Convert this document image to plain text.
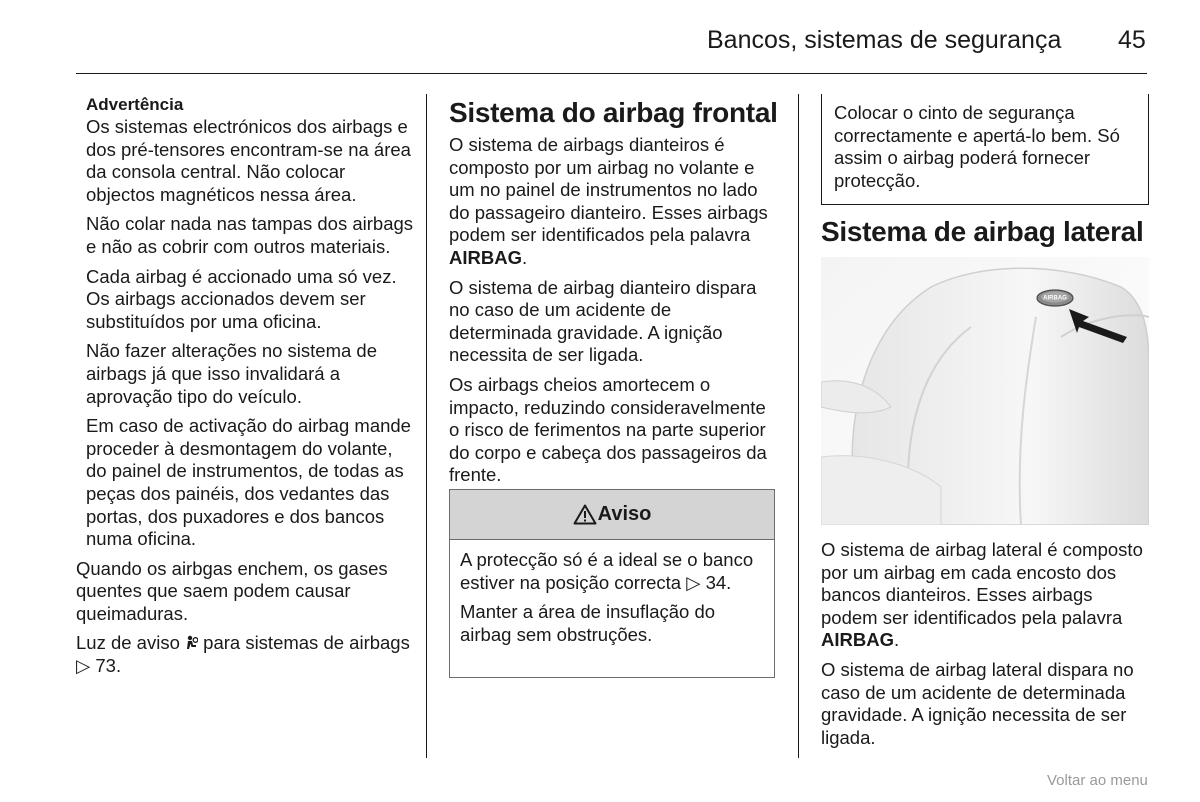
Bancos, sistemas de segurança 45
Advertência

Os sistemas electrónicos dos airbags e dos pré-tensores encontram-se na área da consola central. Não colocar objectos magnéticos nessa área.

Não colar nada nas tampas dos airbags e não as cobrir com outros materiais.

Cada airbag é accionado uma só vez. Os airbags accionados devem ser substituídos por uma oficina.

Não fazer alterações no sistema de airbags já que isso invalidará a aprovação tipo do veículo.

Em caso de activação do airbag mande proceder à desmontagem do volante, do painel de instrumentos, de todas as peças dos painéis, dos vedantes das portas, dos puxadores e dos bancos numa oficina.

Quando os airbgas enchem, os gases quentes que saem podem causar queimaduras.

Luz de aviso  para sistemas de airbags ▷ 73.

Sistema do airbag frontal

O sistema de airbags dianteiros é composto por um airbag no volante e um no painel de instrumentos no lado do passageiro dianteiro. Esses airbags podem ser identificados pela palavra AIRBAG.

O sistema de airbag dianteiro dispara no caso de um acidente de determinada gravidade. A ignição necessita de ser ligada.

Os airbags cheios amortecem o impacto, reduzindo consideravelmente o risco de ferimentos na parte superior do corpo e cabeça dos passageiros da frente.

Aviso

A protecção só é a ideal se o banco estiver na posição correcta ▷ 34.

Manter a área de insuflação do airbag sem obstruções.

Colocar o cinto de segurança correctamente e apertá-lo bem. Só assim o airbag poderá fornecer protecção.
Sistema de airbag lateral
AIRBAG

O sistema de airbag lateral é composto por um airbag em cada encosto dos bancos dianteiros. Esses airbags podem ser identificados pela palavra AIRBAG.

O sistema de airbag lateral dispara no caso de um acidente de determinada gravidade. A ignição necessita de ser ligada.

Voltar ao menu
